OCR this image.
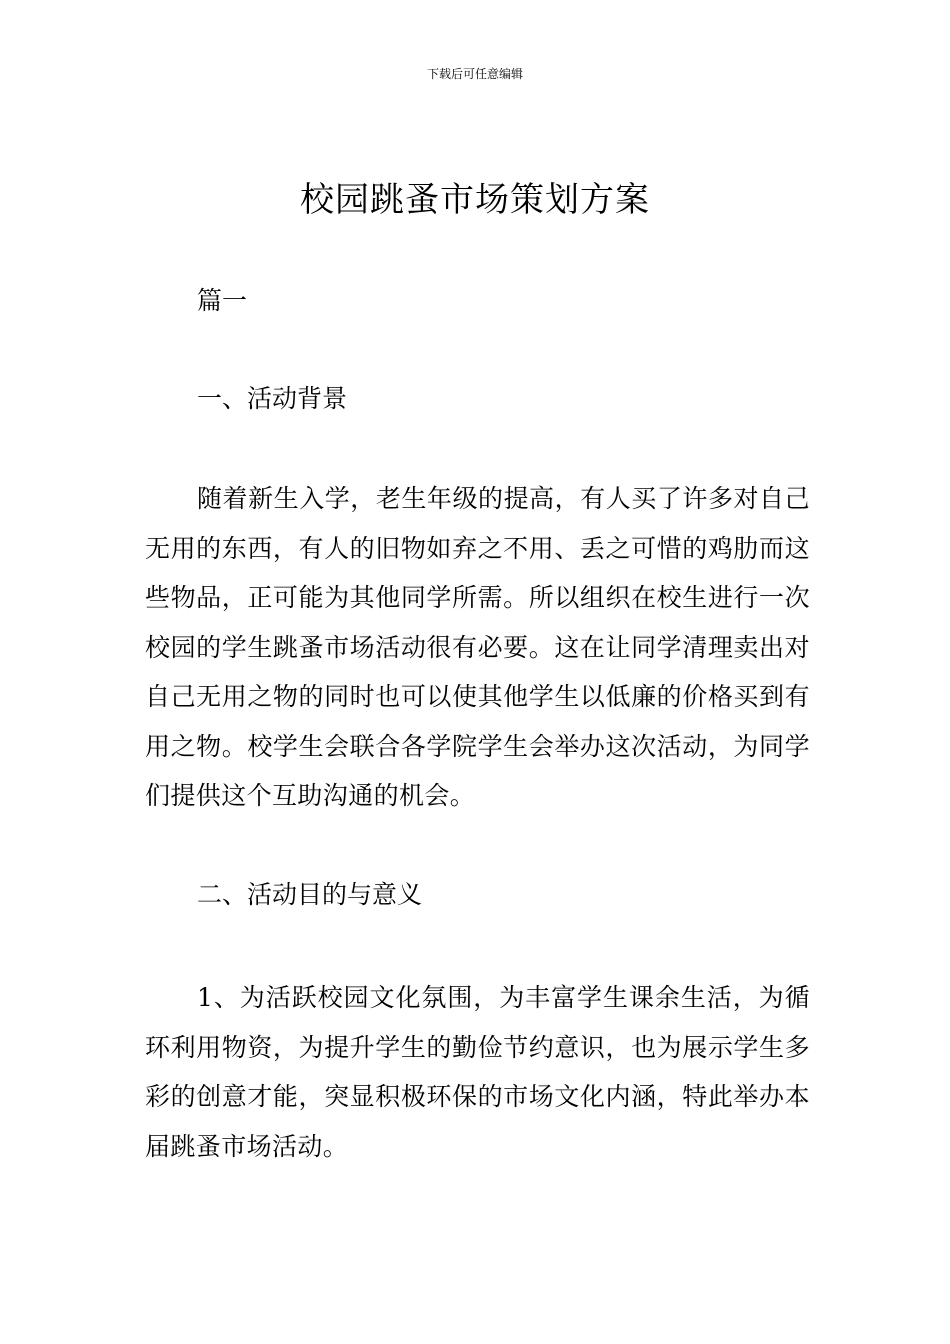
下载后可任意编辑
校园跳蚤市场策划方案

篇一

一、活动背景

随着新生入学，老生年级的提高，有人买了许多对自己无用的东西，有人的旧物如弃之不用、丢之可惜的鸡肋而这些物品，正可能为其他同学所需。所以组织在校生进行一次校园的学生跳蚤市场活动很有必要。这在让同学清理卖出对自己无用之物的同时也可以使其他学生以低廉的价格买到有用之物。校学生会联合各学院学生会举办这次活动，为同学们提供这个互助沟通的机会。

二、活动目的与意义

1、为活跃校园文化氛围，为丰富学生课余生活，为循环利用物资，为提升学生的勤俭节约意识，也为展示学生多彩的创意才能，突显积极环保的市场文化内涵，特此举办本届跳蚤市场活动。
